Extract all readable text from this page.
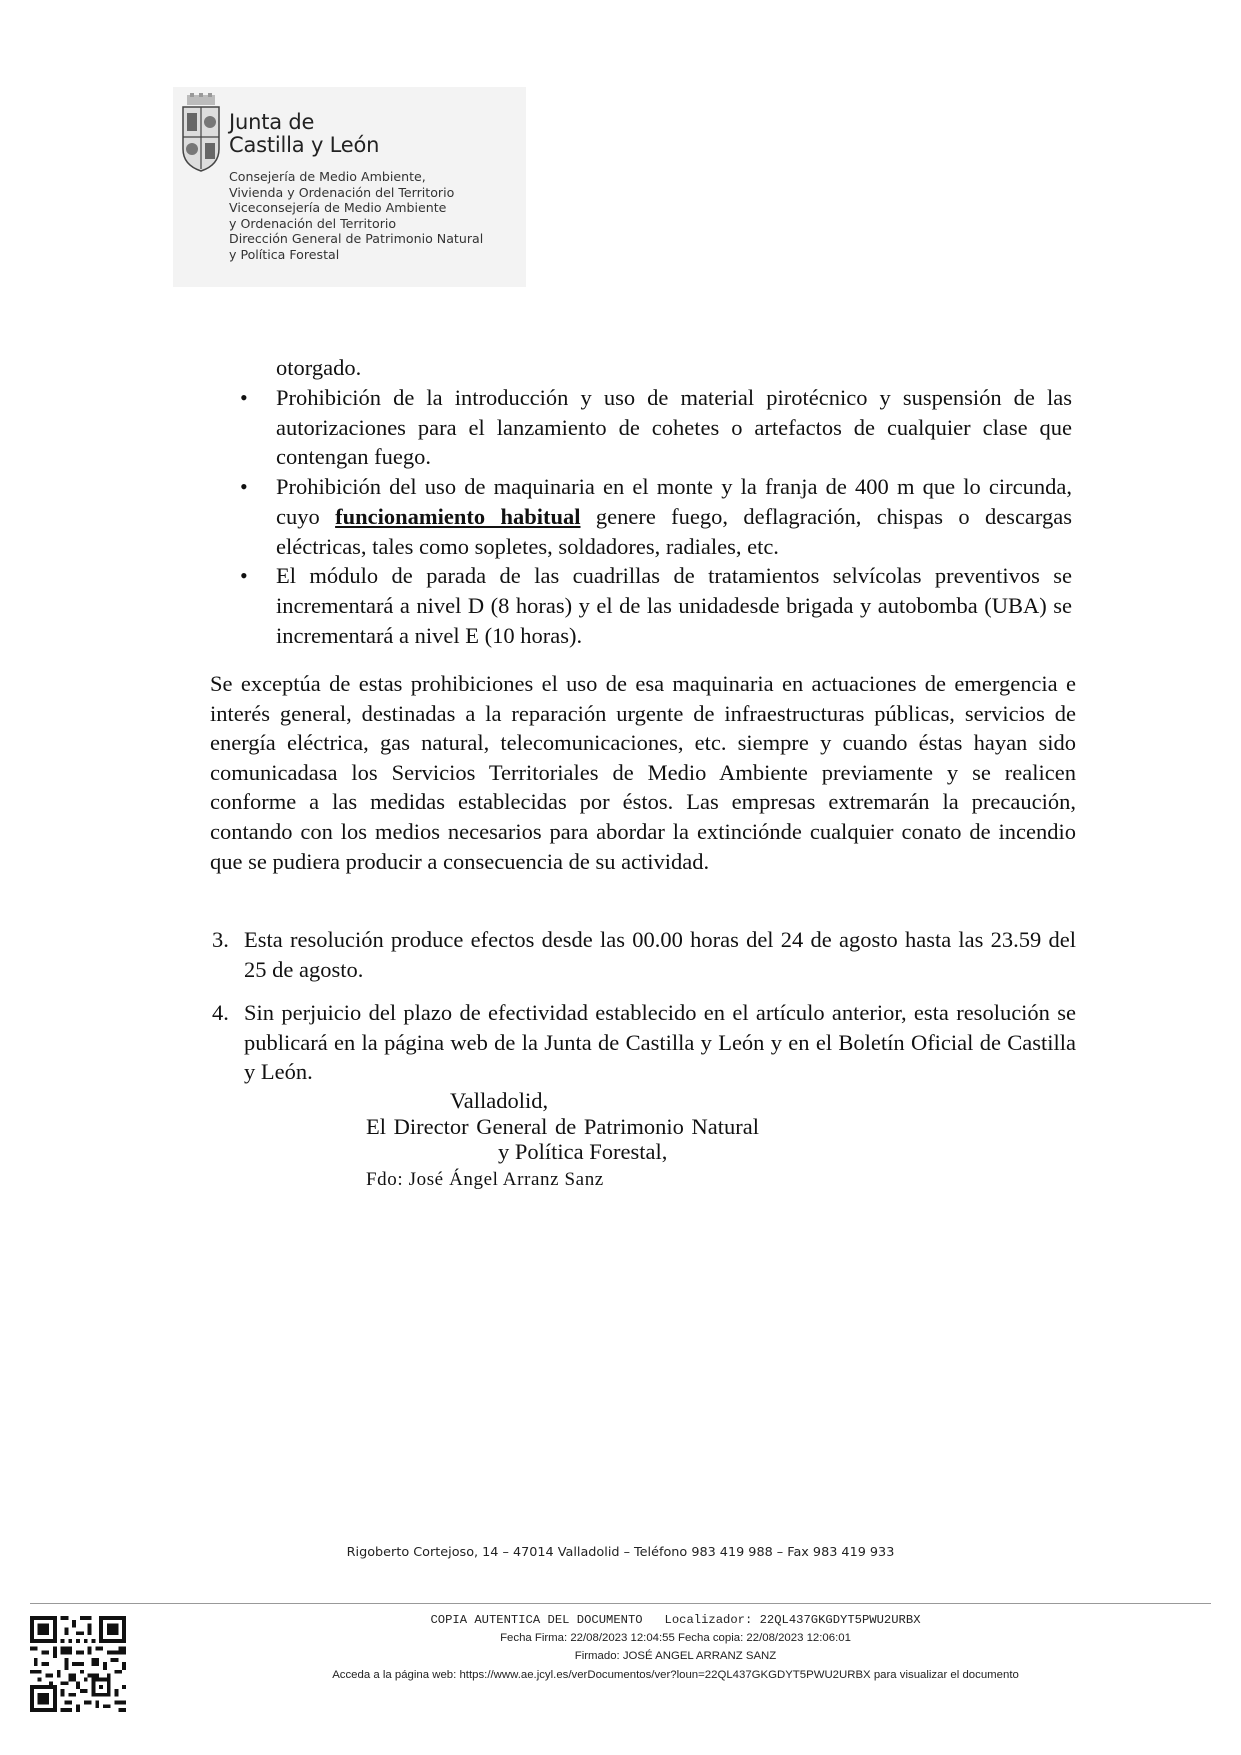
Junta de
Castilla y León

Consejería de Medio Ambiente,
Vivienda y Ordenación del Territorio
Viceconsejería de Medio Ambiente
y Ordenación del Territorio
Dirección General de Patrimonio Natural
y Política Forestal

otorgado.

• Prohibición de la introducción y uso de material pirotécnico y suspensión de las autorizaciones para el lanzamiento de cohetes o artefactos de cualquier clase que contengan fuego.
• Prohibición del uso de maquinaria en el monte y la franja de 400 m que lo circunda, cuyo funcionamiento habitual genere fuego, deflagración, chispas o descargas eléctricas, tales como sopletes, soldadores, radiales, etc.
• El módulo de parada de las cuadrillas de tratamientos selvícolas preventivos se incrementará a nivel D (8 horas) y el de las unidadesde brigada y autobomba (UBA) se incrementará a nivel E (10 horas).

Se exceptúa de estas prohibiciones el uso de esa maquinaria en actuaciones de emergencia e interés general, destinadas a la reparación urgente de infraestructuras públicas, servicios de energía eléctrica, gas natural, telecomunicaciones, etc. siempre y cuando éstas hayan sido comunicadasa los Servicios Territoriales de Medio Ambiente previamente y se realicen conforme a las medidas establecidas por éstos. Las empresas extremarán la precaución, contando con los medios necesarios para abordar la extinciónde cualquier conato de incendio que se pudiera producir a consecuencia de su actividad.

3. Esta resolución produce efectos desde las 00.00 horas del 24 de agosto hasta las 23.59 del 25 de agosto.
4. Sin perjuicio del plazo de efectividad establecido en el artículo anterior, esta resolución se publicará en la página web de la Junta de Castilla y León y en el Boletín Oficial de Castilla y León.

Valladolid,

El Director General de Patrimonio Natural

y Política Forestal,

Fdo: José Ángel Arranz Sanz

Rigoberto Cortejoso, 14 – 47014 Valladolid – Teléfono 983 419 988 – Fax 983 419 933

COPIA AUTENTICA DEL DOCUMENTO   Localizador: 22QL437GKGDYT5PWU2URBX

Fecha Firma: 22/08/2023 12:04:55 Fecha copia: 22/08/2023 12:06:01

Firmado: JOSÉ ANGEL ARRANZ SANZ

Acceda a la página web: https://www.ae.jcyl.es/verDocumentos/ver?loun=22QL437GKGDYT5PWU2URBX para visualizar el documento
